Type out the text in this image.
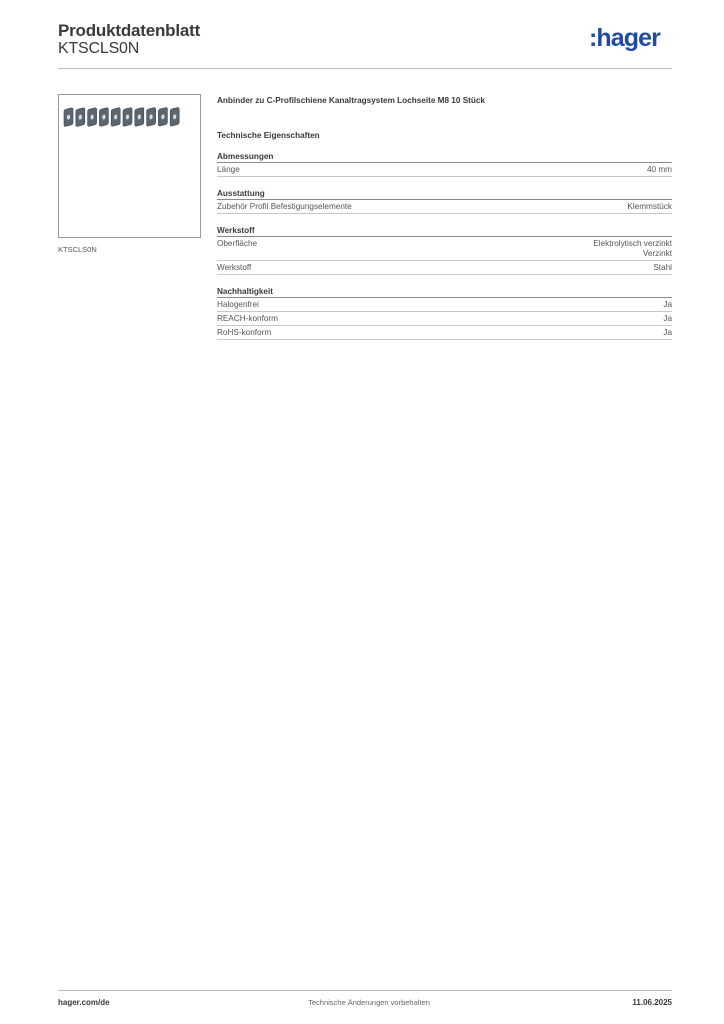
Produktdatenblatt
KTSCLS0N	:hager
KTSCLS0N
Anbinder zu C-Profilschiene Kanaltragsystem Lochseite M8 10 Stück
Technische Eigenschaften
Abmessungen
Länge	40 mm
Ausstattung
Zubehör Profil Befestigungselemente	Klemmstück
Werkstoff
Oberfläche	Elektrolytisch verzinkt
Verzinkt
Werkstoff	Stahl
Nachhaltigkeit
Halogenfrei	Ja
REACH-konform	Ja
RoHS-konform	Ja
hager.com/de	Technische Änderungen vorbehalten	11.06.2025
